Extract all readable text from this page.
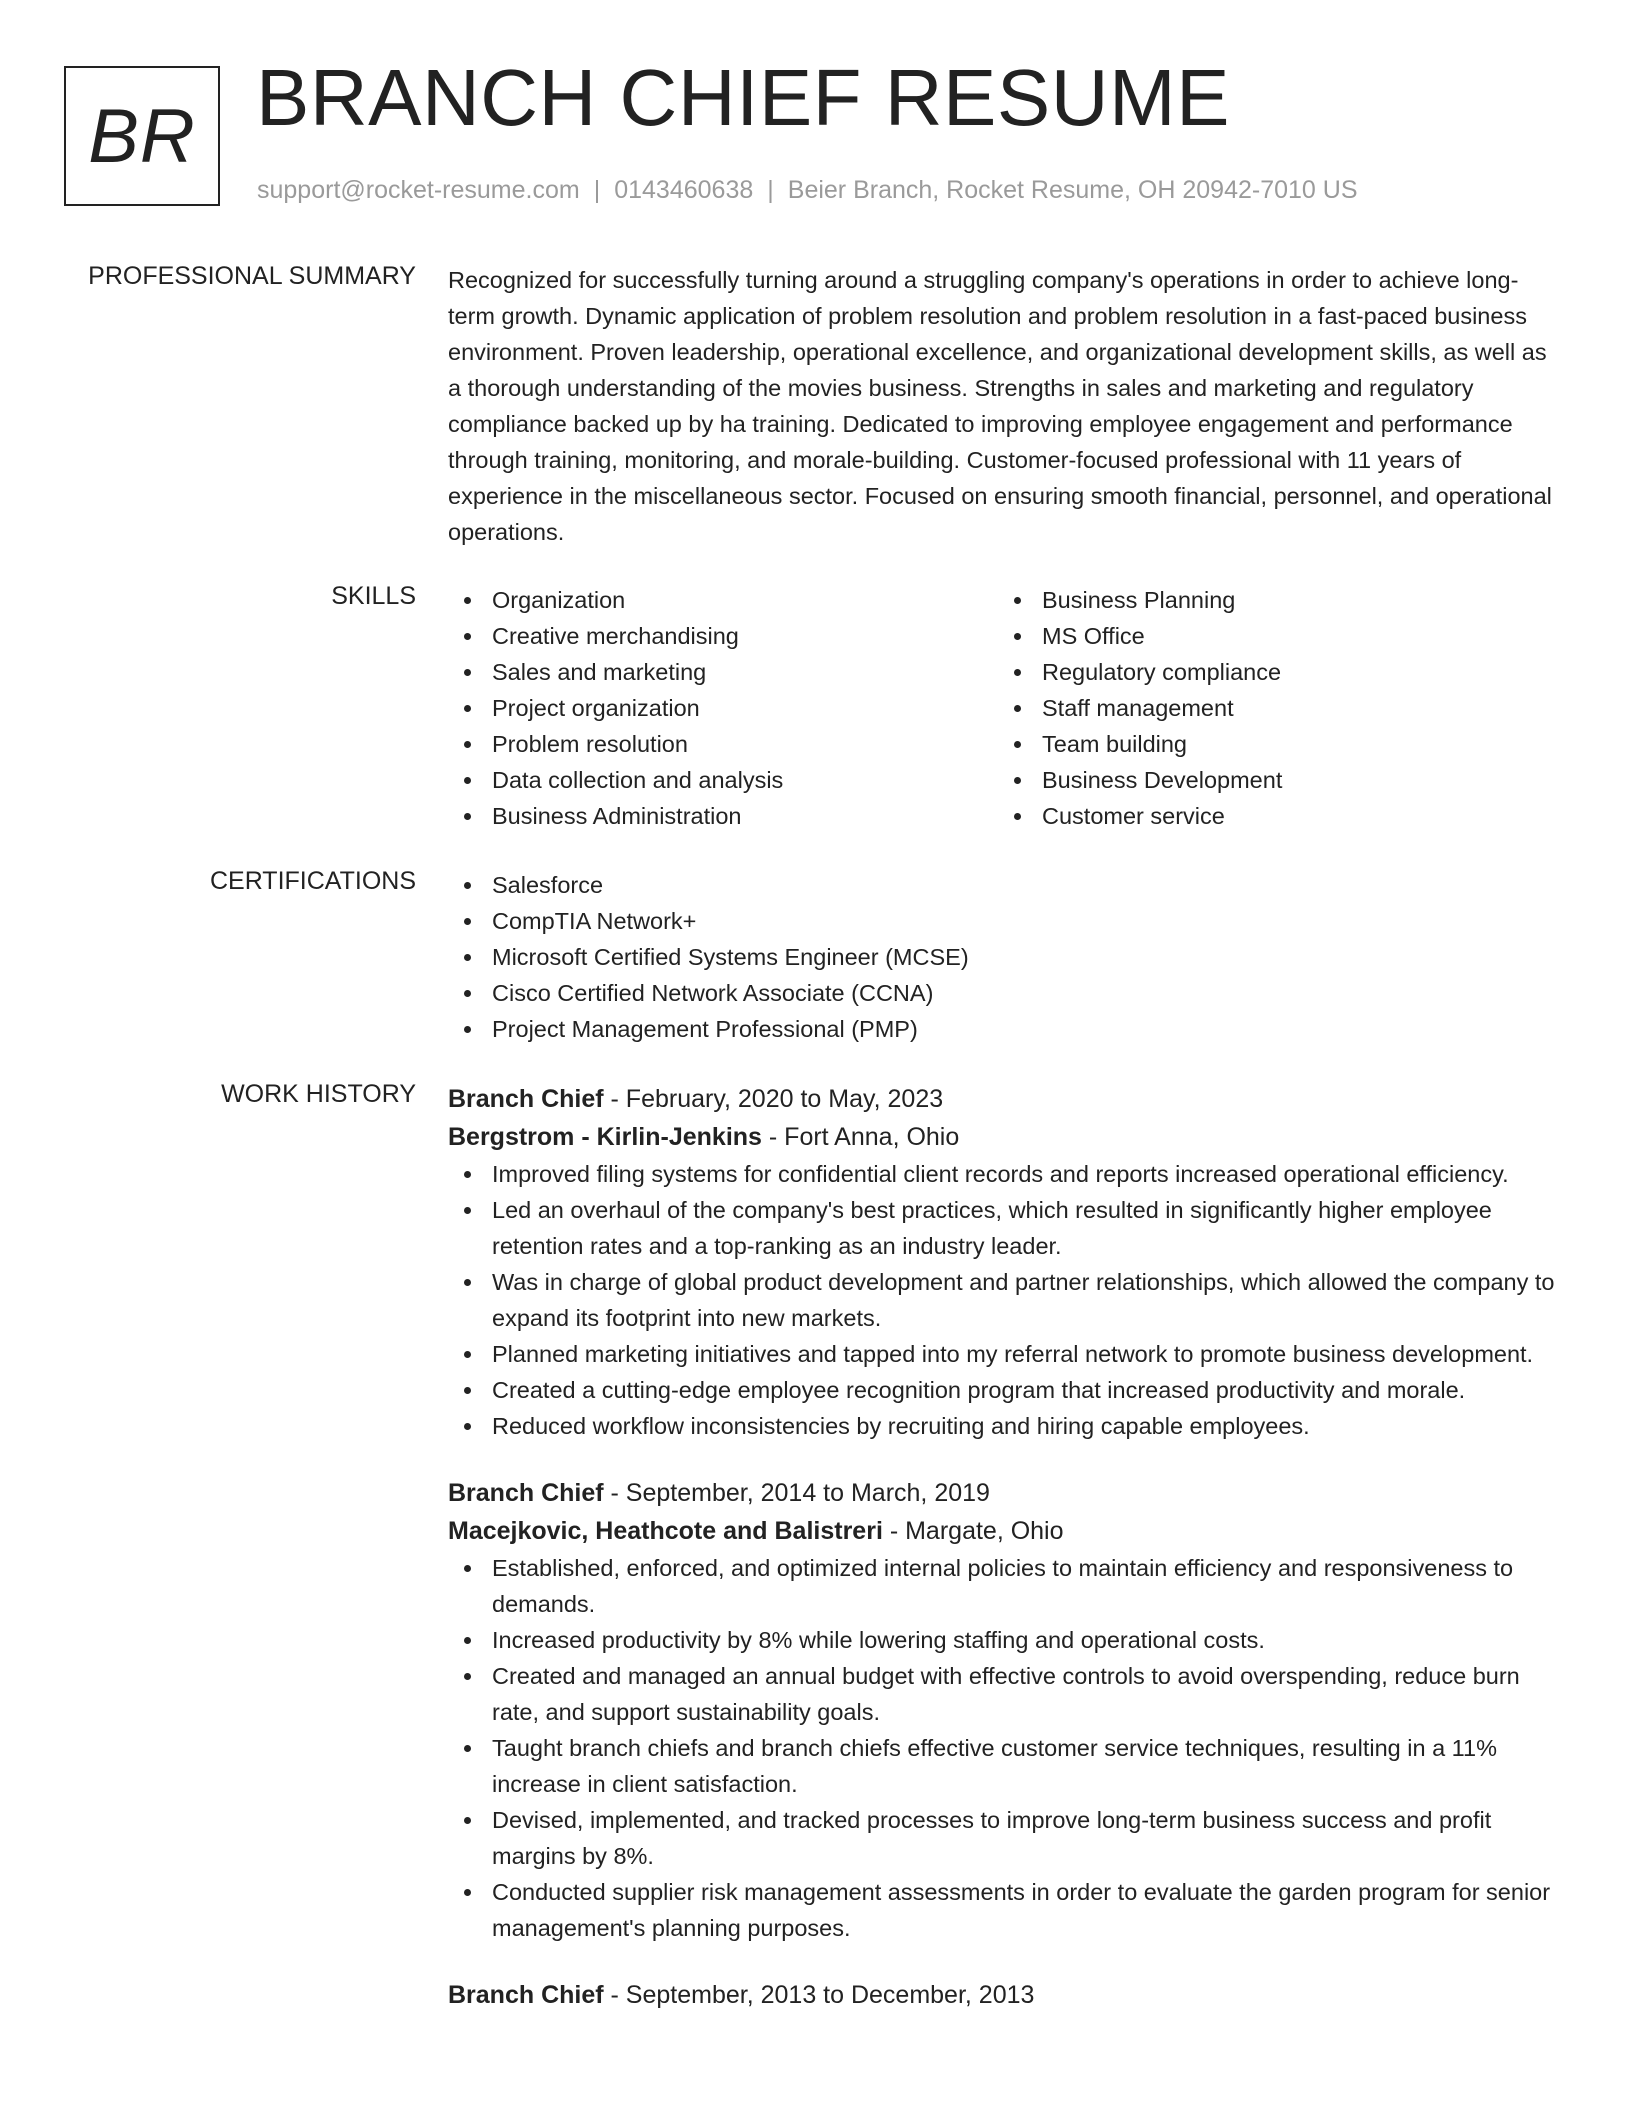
BR BRANCH CHIEF RESUME
support@rocket-resume.com | 0143460638 | Beier Branch, Rocket Resume, OH 20942-7010 US
PROFESSIONAL SUMMARY Recognized for successfully turning around a struggling company's operations in order to achieve long-term growth. Dynamic application of problem resolution and problem resolution in a fast-paced business environment. Proven leadership, operational excellence, and organizational development skills, as well as a thorough understanding of the movies business. Strengths in sales and marketing and regulatory compliance backed up by ha training. Dedicated to improving employee engagement and performance through training, monitoring, and morale-building. Customer-focused professional with 11 years of experience in the miscellaneous sector. Focused on ensuring smooth financial, personnel, and operational operations.
SKILLS	Organization
Creative merchandising
Sales and marketing
Project organization
Problem resolution
Data collection and analysis
Business Administration
Business Planning
MS Office
Regulatory compliance
Staff management
Team building
Business Development
Customer service
CERTIFICATIONS	Salesforce
CompTIA Network+
Microsoft Certified Systems Engineer (MCSE)
Cisco Certified Network Associate (CCNA)
Project Management Professional (PMP)
WORK HISTORY Branch Chief - February, 2020 to May, 2023
Bergstrom - Kirlin-Jenkins - Fort Anna, Ohio
Improved filing systems for confidential client records and reports increased operational efficiency.
Led an overhaul of the company's best practices, which resulted in significantly higher employee retention rates and a top-ranking as an industry leader.
Was in charge of global product development and partner relationships, which allowed the company to expand its footprint into new markets.
Planned marketing initiatives and tapped into my referral network to promote business development.
Created a cutting-edge employee recognition program that increased productivity and morale.
Reduced workflow inconsistencies by recruiting and hiring capable employees.
Branch Chief - September, 2014 to March, 2019
Macejkovic, Heathcote and Balistreri - Margate, Ohio
Established, enforced, and optimized internal policies to maintain efficiency and responsiveness to demands.
Increased productivity by 8% while lowering staffing and operational costs.
Created and managed an annual budget with effective controls to avoid overspending, reduce burn rate, and support sustainability goals.
Taught branch chiefs and branch chiefs effective customer service techniques, resulting in a 11% increase in client satisfaction.
Devised, implemented, and tracked processes to improve long-term business success and profit margins by 8%.
Conducted supplier risk management assessments in order to evaluate the garden program for senior management's planning purposes.
Branch Chief - September, 2013 to December, 2013
